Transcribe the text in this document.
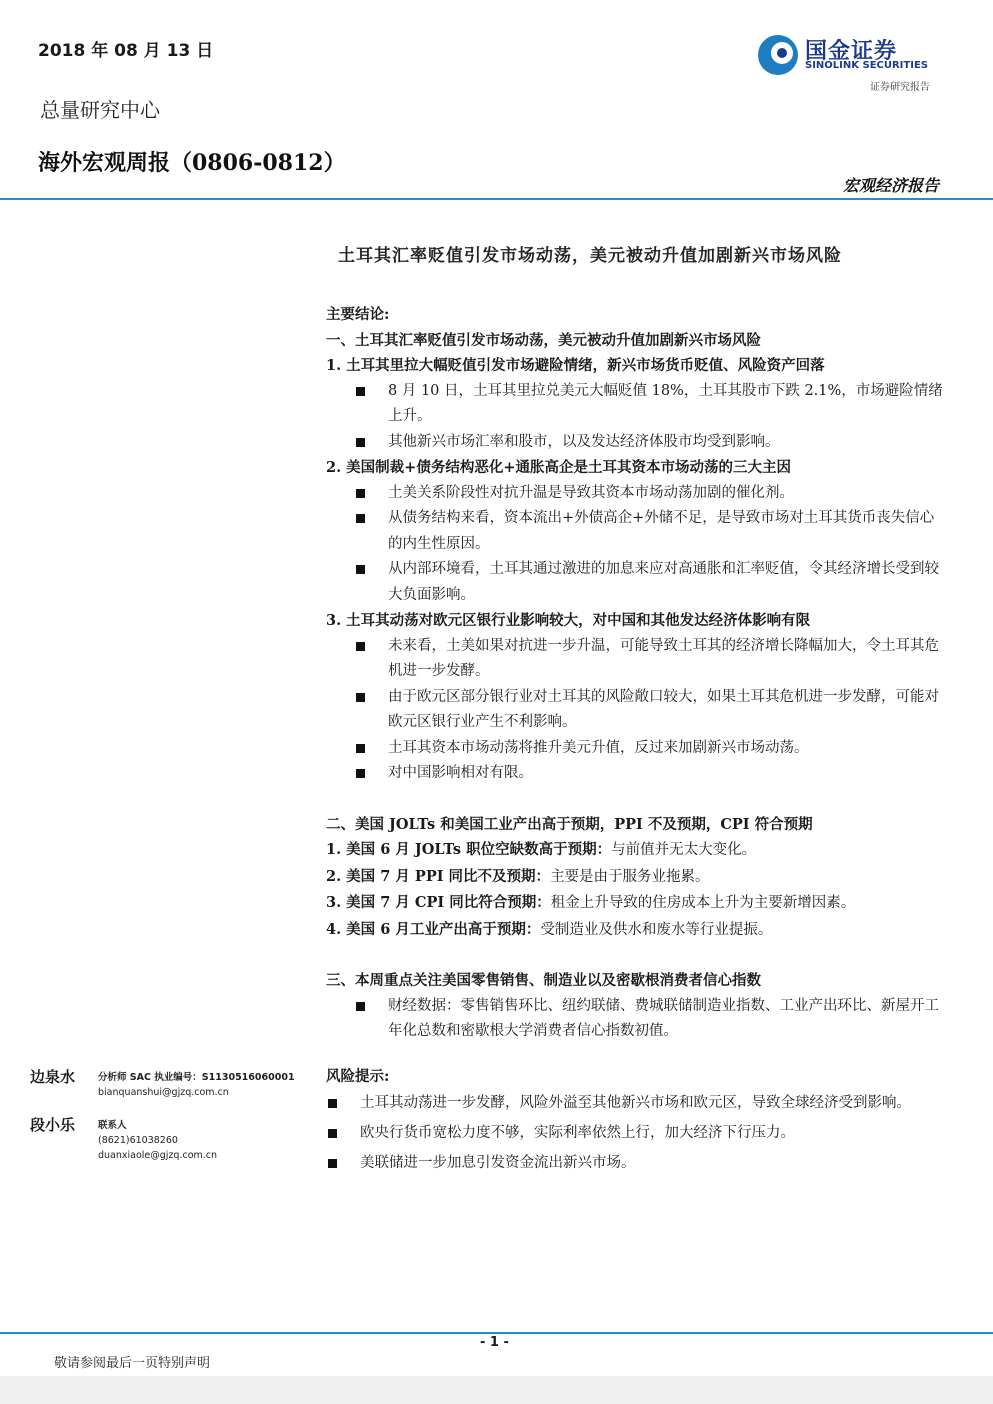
2018 年 08 月 13 日
总量研究中心
海外宏观周报（0806-0812）
宏观经济报告
国金证券
SINOLINK SECURITIES
证券研究报告
土耳其汇率贬值引发市场动荡，美元被动升值加剧新兴市场风险
主要结论:
一、土耳其汇率贬值引发市场动荡，美元被动升值加剧新兴市场风险
1. 土耳其里拉大幅贬值引发市场避险情绪，新兴市场货币贬值、风险资产回落
8 月 10 日，土耳其里拉兑美元大幅贬值 18%，土耳其股市下跌 2.1%，市场避险情绪上升。
其他新兴市场汇率和股市，以及发达经济体股市均受到影响。
2. 美国制裁+债务结构恶化+通胀高企是土耳其资本市场动荡的三大主因
土美关系阶段性对抗升温是导致其资本市场动荡加剧的催化剂。
从债务结构来看，资本流出+外债高企+外储不足，是导致市场对土耳其货币丧失信心的内生性原因。
从内部环境看，土耳其通过激进的加息来应对高通胀和汇率贬值，令其经济增长受到较大负面影响。
3. 土耳其动荡对欧元区银行业影响较大，对中国和其他发达经济体影响有限
未来看，土美如果对抗进一步升温，可能导致土耳其的经济增长降幅加大，令土耳其危机进一步发酵。
由于欧元区部分银行业对土耳其的风险敞口较大，如果土耳其危机进一步发酵，可能对欧元区银行业产生不利影响。
土耳其资本市场动荡将推升美元升值，反过来加剧新兴市场动荡。
对中国影响相对有限。
二、美国 JOLTs 和美国工业产出高于预期，PPI 不及预期，CPI 符合预期
1. 美国 6 月 JOLTs 职位空缺数高于预期：与前值并无太大变化。
2. 美国 7 月 PPI 同比不及预期：主要是由于服务业拖累。
3. 美国 7 月 CPI 同比符合预期：租金上升导致的住房成本上升为主要新增因素。
4. 美国 6 月工业产出高于预期：受制造业及供水和废水等行业提振。
三、本周重点关注美国零售销售、制造业以及密歇根消费者信心指数
财经数据：零售销售环比、纽约联储、费城联储制造业指数、工业产出环比、新屋开工年化总数和密歇根大学消费者信心指数初值。
边泉水 分析师 SAC 执业编号：S1130516060001
bianquanshui@gjzq.com.cn
段小乐 联系人
(8621)61038260
duanxiaole@gjzq.com.cn
风险提示:
土耳其动荡进一步发酵，风险外溢至其他新兴市场和欧元区，导致全球经济受到影响。
欧央行货币宽松力度不够，实际利率依然上行，加大经济下行压力。
美联储进一步加息引发资金流出新兴市场。
- 1 -
敬请参阅最后一页特别声明
